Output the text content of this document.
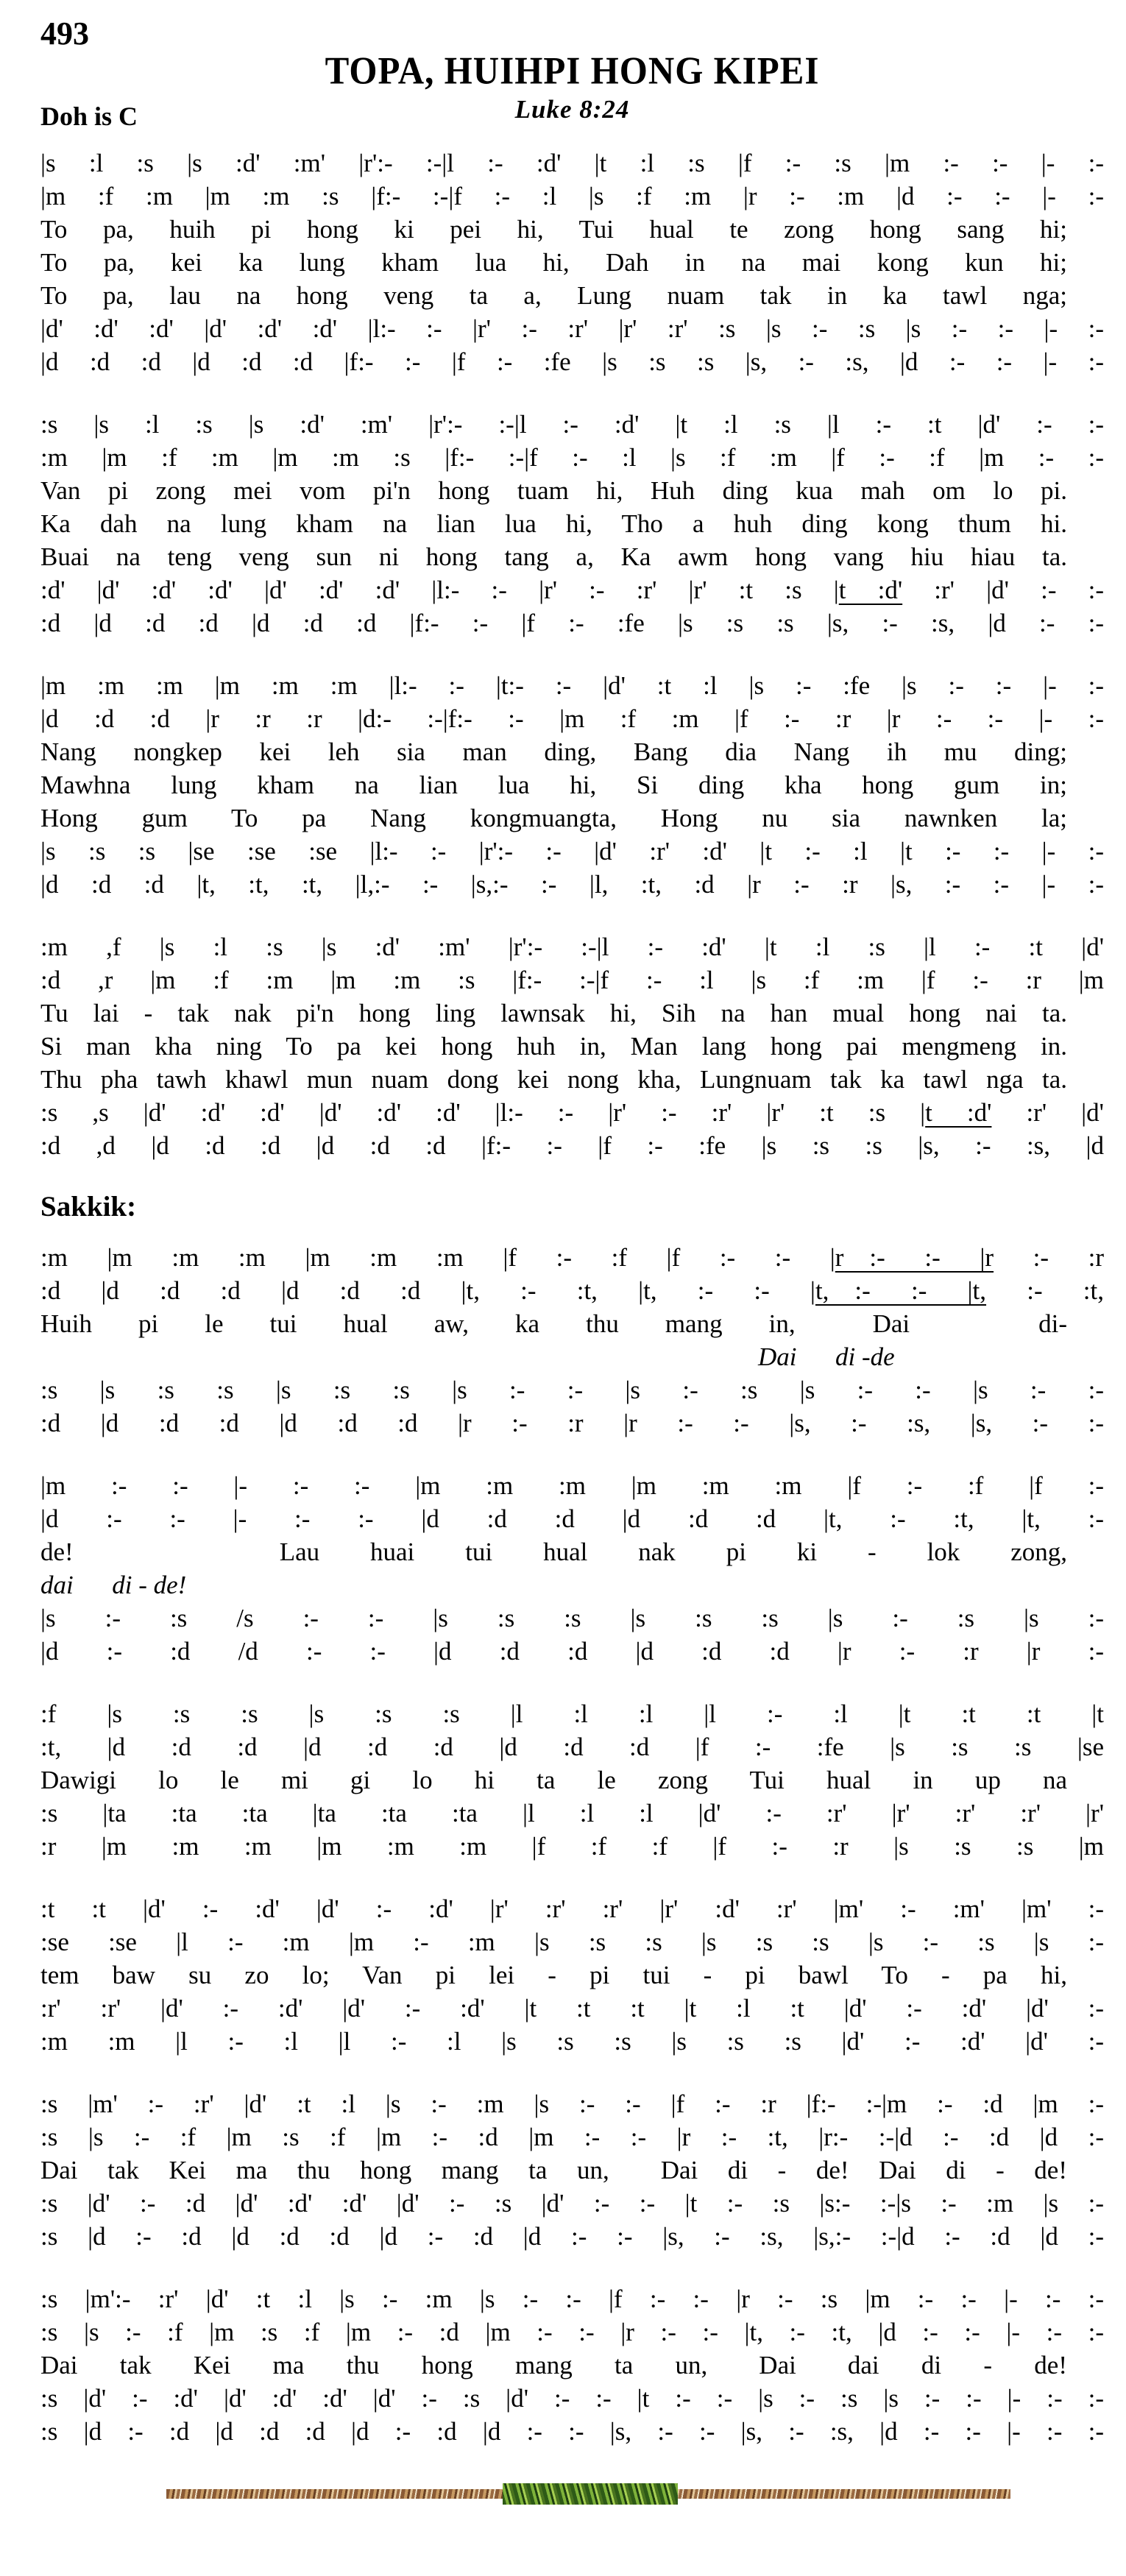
493
TOPA, HUIHPI HONG KIPEI
Doh is C	Luke 8:24
|s :l :s |s :d' :m' |r':- :-|l :- :d' |t :l :s |f :- :s |m :- :- |- :-
|m :f :m |m :m :s |f:- :-|f :- :l |s :f :m |r :- :m |d :- :- |- :-
To pa, huih pi hong ki pei hi, Tui hual te zong hong sang hi;
To pa, kei ka lung kham lua hi, Dah in na mai kong kun hi;
To pa, lau na hong veng ta a, Lung nuam tak in ka tawl nga;
|d' :d' :d' |d' :d' :d' |l:- :- |r' :- :r' |r' :r' :s |s :- :s |s :- :- |- :-
|d :d :d |d :d :d |f:- :- |f :- :fe |s :s :s |s, :- :s, |d :- :- |- :-
:s |s :l :s |s :d' :m' |r':- :-|l :- :d' |t :l :s |l :- :t |d' :- :-
:m |m :f :m |m :m :s |f:- :-|f :- :l |s :f :m |f :- :f |m :- :-
Van pi zong mei vom pi'n hong tuam hi, Huh ding kua mah om lo pi.
Ka dah na lung kham na lian lua hi, Tho a huh ding kong thum hi.
Buai na teng veng sun ni hong tang a, Ka awm hong vang hiu hiau ta.
:d' |d' :d' :d' |d' :d' :d' |l:- :- |r' :- :r' |r' :t :s |t :d' :r' |d' :- :-
:d |d :d :d |d :d :d |f:- :- |f :- :fe |s :s :s |s, :- :s, |d :- :-
|m :m :m |m :m :m |l:- :- |t:- :- |d' :t :l |s :- :fe |s :- :- |- :-
|d :d :d |r :r :r |d:- :-|f:- :- |m :f :m |f :- :r |r :- :- |- :-
Nang nongkep kei leh sia man ding, Bang dia Nang ih mu ding;
Mawhna lung kham na lian lua hi, Si ding kha hong gum in;
Hong gum To pa Nang kongmuangta, Hong nu sia nawnken la;
|s :s :s |se :se :se |l:- :- |r':- :- |d' :r' :d' |t :- :l |t :- :- |- :-
|d :d :d |t, :t, :t, |l,:- :- |s,:- :- |l, :t, :d |r :- :r |s, :- :- |- :-
:m ,f |s :l :s |s :d' :m' |r':- :-|l :- :d' |t :l :s |l :- :t |d'
:d ,r |m :f :m |m :m :s |f:- :-|f :- :l |s :f :m |f :- :r |m
Tu lai - tak nak pi'n hong ling lawnsak hi, Sih na han mual hong nai ta.
Si man kha ning To pa kei hong huh in, Man lang hong pai mengmeng in.
Thu pha tawh khawl mun nuam dong kei nong kha, Lungnuam tak ka tawl nga ta.
:s ,s |d' :d' :d' |d' :d' :d' |l:- :- |r' :- :r' |r' :t :s |t :d' :r' |d'
:d ,d |d :d :d |d :d :d |f:- :- |f :- :fe |s :s :s |s, :- :s, |d
Sakkik:
:m |m :m :m |m :m :m |f :- :f |f :- :- |r :- :- |r :- :r
:d |d :d :d |d :d :d |t, :- :t, |t, :- :- |t, :- :- |t, :- :t,
Huih pi le tui hual aw, ka thu mang in,   Dai     di-
Dai  di -de
:s |s :s :s |s :s :s |s :- :- |s :- :s |s :- :- |s :- :-
:d |d :d :d |d :d :d |r :- :r |r :- :- |s, :- :s, |s, :- :-
|m :- :- |- :- :- |m :m :m |m :m :m |f :- :f |f :-
|d :- :- |- :- :- |d :d :d |d :d :d |t, :- :t, |t, :-
de!        Lau huai tui hual nak pi ki - lok zong,
dai  di - de!
|s :- :s /s :- :- |s :s :s |s :s :s |s :- :s |s :-
|d :- :d /d :- :- |d :d :d |d :d :d |r :- :r |r :-
:f |s :s :s |s :s :s |l :l :l |l :- :l |t :t :t |t
:t, |d :d :d |d :d :d |d :d :d |f :- :fe |s :s :s |se
Dawigi lo le mi gi lo hi ta le zong Tui hual in up na
:s |ta :ta :ta |ta :ta :ta |l :l :l |d' :- :r' |r' :r' :r' |r'
:r |m :m :m |m :m :m |f :f :f |f :- :r |s :s :s |m
:t :t |d' :- :d' |d' :- :d' |r' :r' :r' |r' :d' :r' |m' :- :m' |m' :-
:se :se |l :- :m |m :- :m |s :s :s |s :s :s |s :- :s |s :-
tem baw su zo lo; Van pi lei - pi tui - pi bawl To - pa hi,
:r' :r' |d' :- :d' |d' :- :d' |t :t :t |t :l :t |d' :- :d' |d' :-
:m :m |l :- :l |l :- :l |s :s :s |s :s :s |d' :- :d' |d' :-
:s |m' :- :r' |d' :t :l |s :- :m |s :- :- |f :- :r |f:- :-|m :- :d |m :-
:s |s :- :f |m :s :f |m :- :d |m :- :- |r :- :t, |r:- :-|d :- :d |d :-
Dai tak Kei ma thu hong mang ta un,  Dai di - de! Dai di - de!
:s |d' :- :d |d' :d' :d' |d' :- :s |d' :- :- |t :- :s |s:- :-|s :- :m |s :-
:s |d :- :d |d :d :d |d :- :d |d :- :- |s, :- :s, |s,:- :-|d :- :d |d :-
:s |m':- :r' |d' :t :l |s :- :m |s :- :- |f :- :- |r :- :s |m :- :- |- :- :-
:s |s :- :f |m :s :f |m :- :d |m :- :- |r :- :- |t, :- :t, |d :- :- |- :- :-
Dai tak Kei ma thu hong mang ta un,  Dai  dai di - de!
:s |d' :- :d' |d' :d' :d' |d' :- :s |d' :- :- |t :- :- |s :- :s |s :- :- |- :- :-
:s |d :- :d |d :d :d |d :- :d |d :- :- |s, :- :- |s, :- :s, |d :- :- |- :- :-
